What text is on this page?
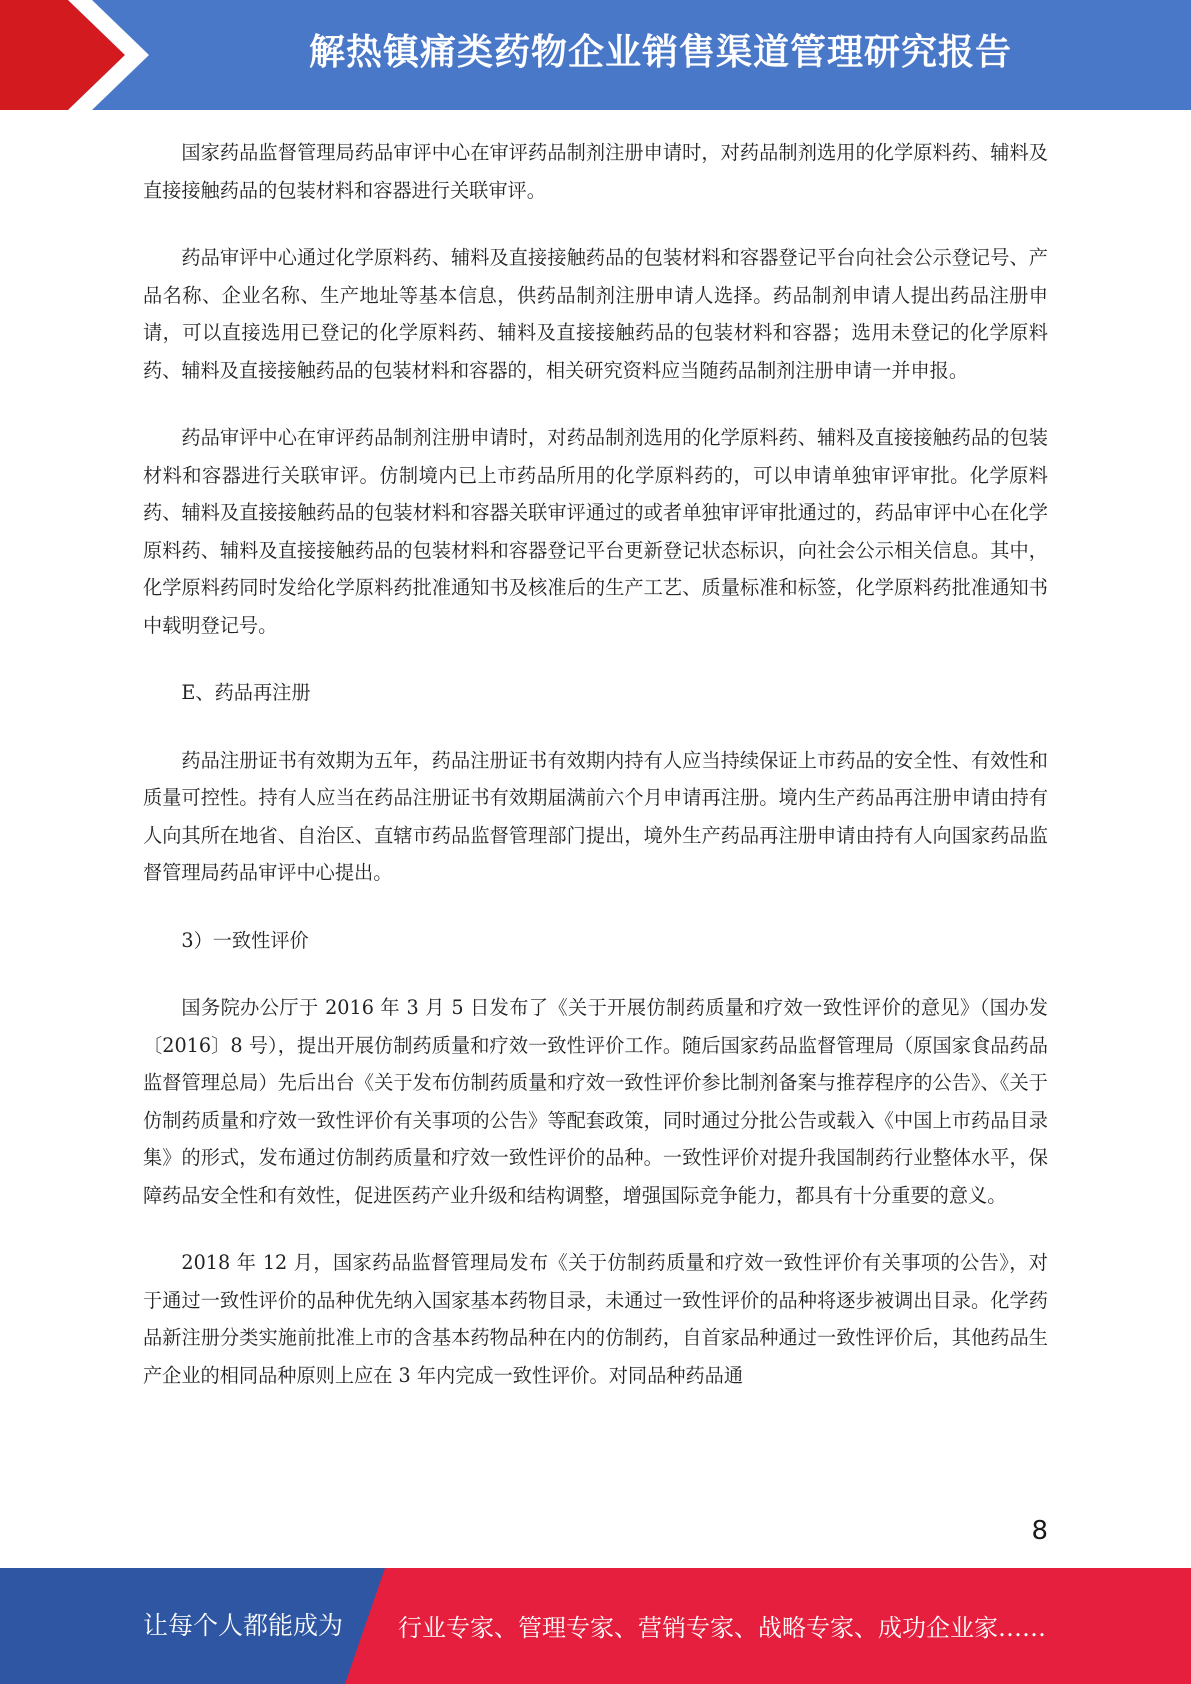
解热镇痛类药物企业销售渠道管理研究报告

国家药品监督管理局药品审评中心在审评药品制剂注册申请时，对药品制剂选用的化学原料药、辅料及直接接触药品的包装材料和容器进行关联审评。

药品审评中心通过化学原料药、辅料及直接接触药品的包装材料和容器登记平台向社会公示登记号、产品名称、企业名称、生产地址等基本信息，供药品制剂注册申请人选择。药品制剂申请人提出药品注册申请，可以直接选用已登记的化学原料药、辅料及直接接触药品的包装材料和容器；选用未登记的化学原料药、辅料及直接接触药品的包装材料和容器的，相关研究资料应当随药品制剂注册申请一并申报。

药品审评中心在审评药品制剂注册申请时，对药品制剂选用的化学原料药、辅料及直接接触药品的包装材料和容器进行关联审评。仿制境内已上市药品所用的化学原料药的，可以申请单独审评审批。化学原料药、辅料及直接接触药品的包装材料和容器关联审评通过的或者单独审评审批通过的，药品审评中心在化学原料药、辅料及直接接触药品的包装材料和容器登记平台更新登记状态标识，向社会公示相关信息。其中，化学原料药同时发给化学原料药批准通知书及核准后的生产工艺、质量标准和标签，化学原料药批准通知书中载明登记号。

E、药品再注册

药品注册证书有效期为五年，药品注册证书有效期内持有人应当持续保证上市药品的安全性、有效性和质量可控性。持有人应当在药品注册证书有效期届满前六个月申请再注册。境内生产药品再注册申请由持有人向其所在地省、自治区、直辖市药品监督管理部门提出，境外生产药品再注册申请由持有人向国家药品监督管理局药品审评中心提出。

3）一致性评价

国务院办公厅于 2016 年 3 月 5 日发布了《关于开展仿制药质量和疗效一致性评价的意见》（国办发〔2016〕8 号），提出开展仿制药质量和疗效一致性评价工作。随后国家药品监督管理局（原国家食品药品监督管理总局）先后出台《关于发布仿制药质量和疗效一致性评价参比制剂备案与推荐程序的公告》、《关于仿制药质量和疗效一致性评价有关事项的公告》等配套政策，同时通过分批公告或载入《中国上市药品目录集》的形式，发布通过仿制药质量和疗效一致性评价的品种。一致性评价对提升我国制药行业整体水平，保障药品安全性和有效性，促进医药产业升级和结构调整，增强国际竞争能力，都具有十分重要的意义。

2018 年 12 月，国家药品监督管理局发布《关于仿制药质量和疗效一致性评价有关事项的公告》，对于通过一致性评价的品种优先纳入国家基本药物目录，未通过一致性评价的品种将逐步被调出目录。化学药品新注册分类实施前批准上市的含基本药物品种在内的仿制药，自首家品种通过一致性评价后，其他药品生产企业的相同品种原则上应在 3 年内完成一致性评价。对同品种药品通

8
让每个人都能成为 行业专家、管理专家、营销专家、战略专家、成功企业家……
